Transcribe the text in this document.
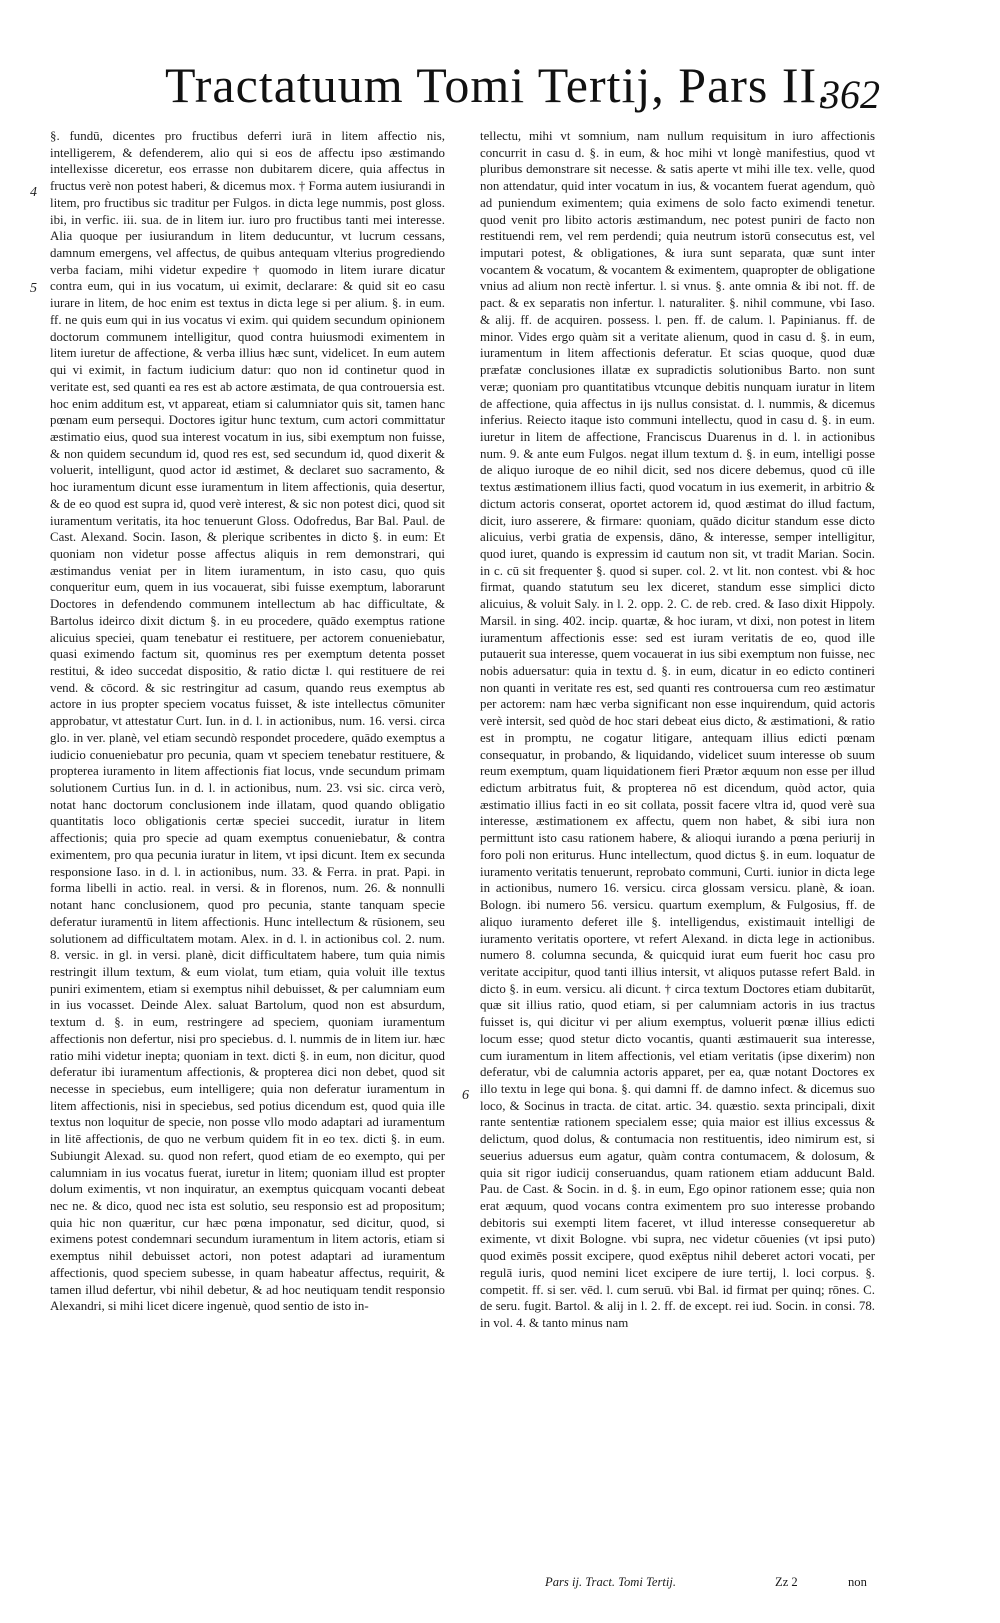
Tractatuum Tomi Tertij, Pars II.
362
4
5
6
§. fundū, dicentes pro fructibus deferri iurā in litem affectio nis, intelligerem, & defenderem, alio qui si eos de affectu ipso æstimando intellexisse diceretur, eos errasse non dubitarem dicere, quia affectus in fructus verè non potest haberi, & dicemus mox. † Forma autem iusiurandi in litem, pro fructibus sic traditur per Fulgos. in dicta lege nummis, post gloss. ibi, in verfic. iii. sua. de in litem iur. iuro pro fructibus tanti mei interesse. Alia quoque per iusiurandum in litem deducuntur, vt lucrum cessans, damnum emergens, vel affectus, de quibus antequam vlterius progrediendo verba faciam, mihi videtur expedire † quomodo in litem iurare dicatur contra eum, qui in ius vocatum, ui eximit, declarare: & quid sit eo casu iurare in litem, de hoc enim est textus in dicta lege si per alium. §. in eum. ff. ne quis eum qui in ius vocatus vi exim. qui quidem secundum opinionem doctorum communem intelligitur, quod contra huiusmodi eximentem in litem iuretur de affectione, & verba illius hæc sunt, videlicet. In eum autem qui vi eximit, in factum iudicium datur: quo non id continetur quod in veritate est, sed quanti ea res est ab actore æstimata, de qua controuersia est. hoc enim additum est, vt appareat, etiam si calumniator quis sit, tamen hanc pœnam eum persequi. Doctores igitur hunc textum, cum actori committatur æstimatio eius, quod sua interest vocatum in ius, sibi exemptum non fuisse, & non quidem secundum id, quod res est, sed secundum id, quod dixerit & voluerit, intelligunt, quod actor id æstimet, & declaret suo sacramento, & hoc iuramentum dicunt esse iuramentum in litem affectionis, quia desertur, & de eo quod est supra id, quod verè interest, & sic non potest dici, quod sit iuramentum veritatis, ita hoc tenuerunt Gloss. Odofredus, Bar Bal. Paul. de Cast. Alexand. Socin. Iason, & plerique scribentes in dicto §. in eum: Et quoniam non videtur posse affectus aliquis in rem demonstrari, qui æstimandus veniat per in litem iuramentum, in isto casu, quo quis conqueritur eum, quem in ius vocauerat, sibi fuisse exemptum, laborarunt Doctores in defendendo communem intellectum ab hac difficultate, & Bartolus ideirco dixit dictum §. in eu procedere, quādo exemptus ratione alicuius speciei, quam tenebatur ei restituere, per actorem conueniebatur, quasi eximendo factum sit, quominus res per exemptum detenta posset restitui, & ideo succedat dispositio, & ratio dictæ l. qui restituere de rei vend. & cōcord. & sic restringitur ad casum, quando reus exemptus ab actore in ius propter speciem vocatus fuisset, & iste intellectus cōmuniter approbatur, vt attestatur Curt. Iun. in d. l. in actionibus, num. 16. versi. circa glo. in ver. planè, vel etiam secundò respondet procedere, quādo exemptus a iudicio conueniebatur pro pecunia, quam vt speciem tenebatur restituere, & propterea iuramento in litem affectionis fiat locus, vnde secundum primam solutionem Curtius Iun. in d. l. in actionibus, num. 23. vsi sic. circa verò, notat hanc doctorum conclusionem inde illatam, quod quando obligatio quantitatis loco obligationis certæ speciei succedit, iuratur in litem affectionis; quia pro specie ad quam exemptus conueniebatur, & contra eximentem, pro qua pecunia iuratur in litem, vt ipsi dicunt. Item ex secunda responsione Iaso. in d. l. in actionibus, num. 33. & Ferra. in prat. Papi. in forma libelli in actio. real. in versi. & in florenos, num. 26. & nonnulli notant hanc conclusionem, quod pro pecunia, stante tanquam specie deferatur iuramentū in litem affectionis. Hunc intellectum & rūsionem, seu solutionem ad difficultatem motam. Alex. in d. l. in actionibus col. 2. num. 8. versic. in gl. in versi. planè, dicit difficultatem habere, tum quia nimis restringit illum textum, & eum violat, tum etiam, quia voluit ille textus puniri eximentem, etiam si exemptus nihil debuisset, & per calumniam eum in ius vocasset. Deinde Alex. saluat Bartolum, quod non est absurdum, textum d. §. in eum, restringere ad speciem, quoniam iuramentum affectionis non defertur, nisi pro speciebus. d. l. nummis de in litem iur. hæc ratio mihi videtur inepta; quoniam in text. dicti §. in eum, non dicitur, quod deferatur ibi iuramentum affectionis, & propterea dici non debet, quod sit necesse in speciebus, eum intelligere; quia non deferatur iuramentum in litem affectionis, nisi in speciebus, sed potius dicendum est, quod quia ille textus non loquitur de specie, non posse vllo modo adaptari ad iuramentum in litē affectionis, de quo ne verbum quidem fit in eo tex. dicti §. in eum. Subiungit Alexad. su. quod non refert, quod etiam de eo exempto, qui per calumniam in ius vocatus fuerat, iuretur in litem; quoniam illud est propter dolum eximentis, vt non inquiratur, an exemptus quicquam vocanti debeat nec ne. & dico, quod nec ista est solutio, seu responsio est ad propositum; quia hic non quæritur, cur hæc pœna imponatur, sed dicitur, quod, si eximens potest condemnari secundum iuramentum in litem actoris, etiam si exemptus nihil debuisset actori, non potest adaptari ad iuramentum affectionis, quod speciem subesse, in quam habeatur affectus, requirit, & tamen illud defertur, vbi nihil debetur, & ad hoc neutiquam tendit responsio Alexandri, si mihi licet dicere ingenuè, quod sentio de isto in-
tellectu, mihi vt somnium, nam nullum requisitum in iuro affectionis concurrit in casu d. §. in eum, & hoc mihi vt longè manifestius, quod vt pluribus demonstrare sit necesse. & satis aperte vt mihi ille tex. velle, quod non attendatur, quid inter vocatum in ius, & vocantem fuerat agendum, quò ad puniendum eximentem; quia eximens de solo facto eximendi tenetur. quod venit pro libito actoris æstimandum, nec potest puniri de facto non restituendi rem, vel rem perdendi; quia neutrum istorū consecutus est, vel imputari potest, & obligationes, & iura sunt separata, quæ sunt inter vocantem & vocatum, & vocantem & eximentem, quapropter de obligatione vnius ad alium non rectè infertur. l. si vnus. §. ante omnia & ibi not. ff. de pact. & ex separatis non infertur. l. naturaliter. §. nihil commune, vbi Iaso. & alij. ff. de acquiren. possess. l. pen. ff. de calum. l. Papinianus. ff. de minor. Vides ergo quàm sit a veritate alienum, quod in casu d. §. in eum, iuramentum in litem affectionis deferatur. Et scias quoque, quod duæ præfatæ conclusiones illatæ ex supradictis solutionibus Barto. non sunt veræ; quoniam pro quantitatibus vtcunque debitis nunquam iuratur in litem de affectione, quia affectus in ijs nullus consistat. d. l. nummis, & dicemus inferius. Reiecto itaque isto communi intellectu, quod in casu d. §. in eum. iuretur in litem de affectione, Franciscus Duarenus in d. l. in actionibus num. 9. & ante eum Fulgos. negat illum textum d. §. in eum, intelligi posse de aliquo iuroque de eo nihil dicit, sed nos dicere debemus, quod cū ille textus æstimationem illius facti, quod vocatum in ius exemerit, in arbitrio & dictum actoris conserat, oportet actorem id, quod æstimat do illud factum, dicit, iuro asserere, & firmare: quoniam, quādo dicitur standum esse dicto alicuius, verbi gratia de expensis, dāno, & interesse, semper intelligitur, quod iuret, quando is expressim id cautum non sit, vt tradit Marian. Socin. in c. cū sit frequenter §. quod si super. col. 2. vt lit. non contest. vbi & hoc firmat, quando statutum seu lex diceret, standum esse simplici dicto alicuius, & voluit Saly. in l. 2. opp. 2. C. de reb. cred. & Iaso dixit Hippoly. Marsil. in sing. 402. incip. quartæ, & hoc iuram, vt dixi, non potest in litem iuramentum affectionis esse: sed est iuram veritatis de eo, quod ille putauerit sua interesse, quem vocauerat in ius sibi exemptum non fuisse, nec nobis aduersatur: quia in textu d. §. in eum, dicatur in eo edicto contineri non quanti in veritate res est, sed quanti res controuersa cum reo æstimatur per actorem: nam hæc verba significant non esse inquirendum, quid actoris verè intersit, sed quòd de hoc stari debeat eius dicto, & æstimationi, & ratio est in promptu, ne cogatur litigare, antequam illius edicti pœnam consequatur, in probando, & liquidando, videlicet suum interesse ob suum reum exemptum, quam liquidationem fieri Prætor æquum non esse per illud edictum arbitratus fuit, & propterea nō est dicendum, quòd actor, quia æstimatio illius facti in eo sit collata, possit facere vltra id, quod verè sua interesse, æstimationem ex affectu, quem non habet, & sibi iura non permittunt isto casu rationem habere, & alioqui iurando a pœna periurij in foro poli non eriturus. Hunc intellectum, quod dictus §. in eum. loquatur de iuramento veritatis tenuerunt, reprobato communi, Curti. iunior in dicta lege in actionibus, numero 16. versicu. circa glossam versicu. planè, & ioan. Bologn. ibi numero 56. versicu. quartum exemplum, & Fulgosius, ff. de aliquo iuramento deferet ille §. intelligendus, existimauit intelligi de iuramento veritatis oportere, vt refert Alexand. in dicta lege in actionibus. numero 8. columna secunda, & quicquid iurat eum fuerit hoc casu pro veritate accipitur, quod tanti illius intersit, vt aliquos putasse refert Bald. in dicto §. in eum. versicu. ali dicunt. † circa textum Doctores etiam dubitarūt, quæ sit illius ratio, quod etiam, si per calumniam actoris in ius tractus fuisset is, qui dicitur vi per alium exemptus, voluerit pœnæ illius edicti locum esse; quod stetur dicto vocantis, quanti æstimauerit sua interesse, cum iuramentum in litem affectionis, vel etiam veritatis (ipse dixerim) non deferatur, vbi de calumnia actoris apparet, per ea, quæ notant Doctores ex illo textu in lege qui bona. §. qui damni ff. de damno infect. & dicemus suo loco, & Socinus in tracta. de citat. artic. 34. quæstio. sexta principali, dixit rante sententiæ rationem specialem esse; quia maior est illius excessus & delictum, quod dolus, & contumacia non restituentis, ideo nimirum est, si seuerius aduersus eum agatur, quàm contra contumacem, & dolosum, & quia sit rigor iudicij conseruandus, quam rationem etiam adducunt Bald. Pau. de Cast. & Socin. in d. §. in eum, Ego opinor rationem esse; quia non erat æquum, quod vocans contra eximentem pro suo interesse probando debitoris sui exempti litem faceret, vt illud interesse consequeretur ab eximente, vt dixit Bologne. vbi supra, nec videtur cōuenies (vt ipsi puto) quod eximēs possit excipere, quod exēptus nihil deberet actori vocati, per regulā iuris, quod nemini licet excipere de iure tertij, l. loci corpus. §. competit. ff. si ser. vēd. l. cum seruū. vbi Bal. id firmat per quinq; rōnes. C. de seru. fugit. Bartol. & alij in l. 2. ff. de except. rei iud. Socin. in consi. 78. in vol. 4. & tanto minus nam
Pars ij. Tract. Tomi Tertij.	Zz 2	non
